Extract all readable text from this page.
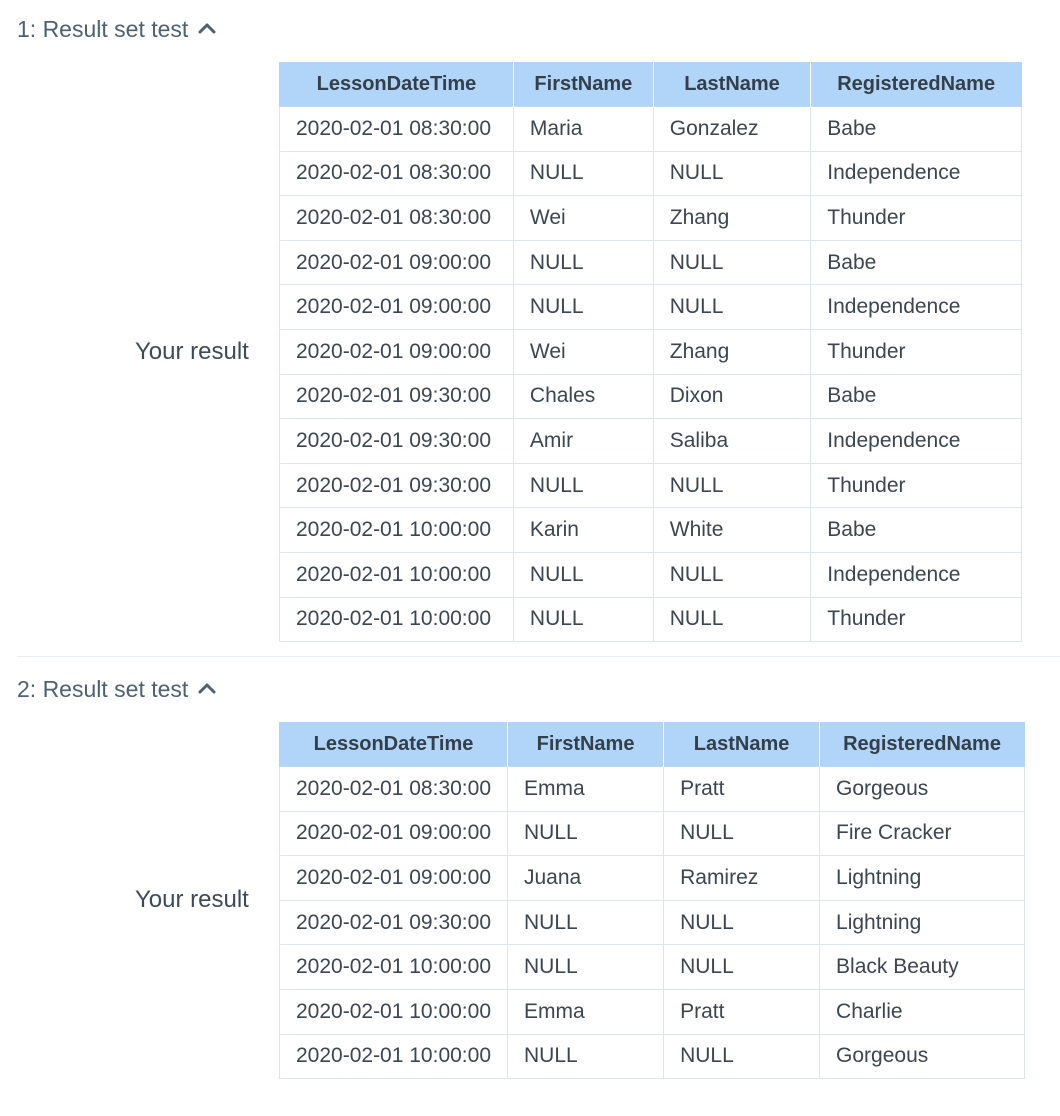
1: Result set test
Your result
LessonDateTime	FirstName	LastName	RegisteredName
2020-02-01 08:30:00	Maria	Gonzalez	Babe
2020-02-01 08:30:00	NULL	NULL	Independence
2020-02-01 08:30:00	Wei	Zhang	Thunder
2020-02-01 09:00:00	NULL	NULL	Babe
2020-02-01 09:00:00	NULL	NULL	Independence
2020-02-01 09:00:00	Wei	Zhang	Thunder
2020-02-01 09:30:00	Chales	Dixon	Babe
2020-02-01 09:30:00	Amir	Saliba	Independence
2020-02-01 09:30:00	NULL	NULL	Thunder
2020-02-01 10:00:00	Karin	White	Babe
2020-02-01 10:00:00	NULL	NULL	Independence
2020-02-01 10:00:00	NULL	NULL	Thunder
2: Result set test
Your result
LessonDateTime	FirstName	LastName	RegisteredName
2020-02-01 08:30:00	Emma	Pratt	Gorgeous
2020-02-01 09:00:00	NULL	NULL	Fire Cracker
2020-02-01 09:00:00	Juana	Ramirez	Lightning
2020-02-01 09:30:00	NULL	NULL	Lightning
2020-02-01 10:00:00	NULL	NULL	Black Beauty
2020-02-01 10:00:00	Emma	Pratt	Charlie
2020-02-01 10:00:00	NULL	NULL	Gorgeous
